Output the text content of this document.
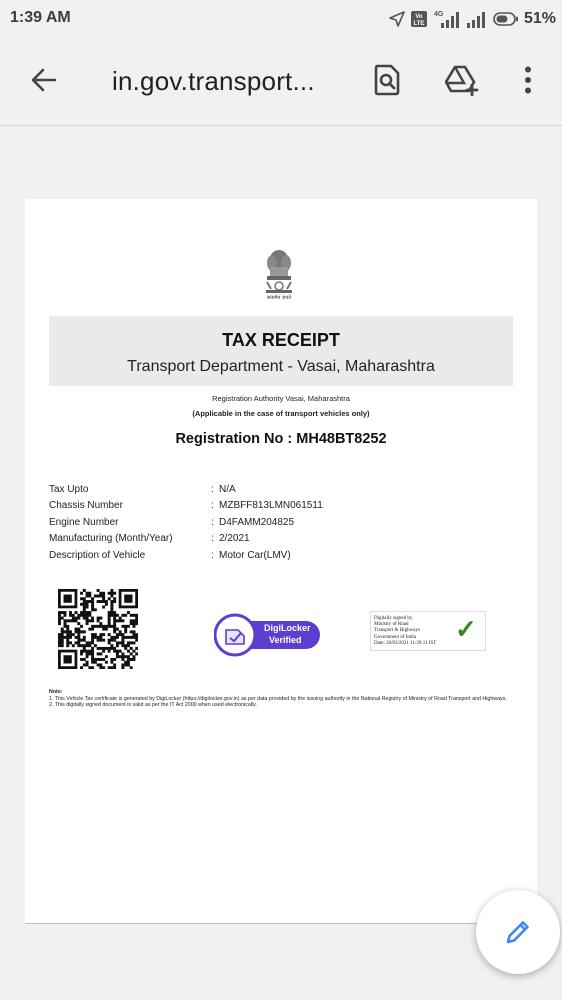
1:39 AM	Vo
LTE
4G	51%
in.gov.transport...
सत्यमेव जयते
TAX RECEIPT
Transport Department - Vasai, Maharashtra
Registration Authority Vasai, Maharashtra
(Applicable in the case of transport vehicles only)
Registration No : MH48BT8252
Tax Upto	: N/A
Chassis Number	: MZBFF813LMN061511
Engine Number	: D4FAMM204825
Manufacturing (Month/Year)	: 2/2021
Description of Vehicle	: Motor Car(LMV)
DigiLocker
Verified
Digitally signed by
Ministry of Road
Transport & Highways
Government of India
Date: 26/03/2021 11:39:11 IST ✓
Note:
1. This Vehicle Tax certificate is generated by DigiLocker (https://digilocker.gov.in) as per data provided by the issuing authority in the National Registry of Ministry of Road Transport and Highways.
2. This digitally signed document is valid as per the IT Act 2000 when used electronically.
